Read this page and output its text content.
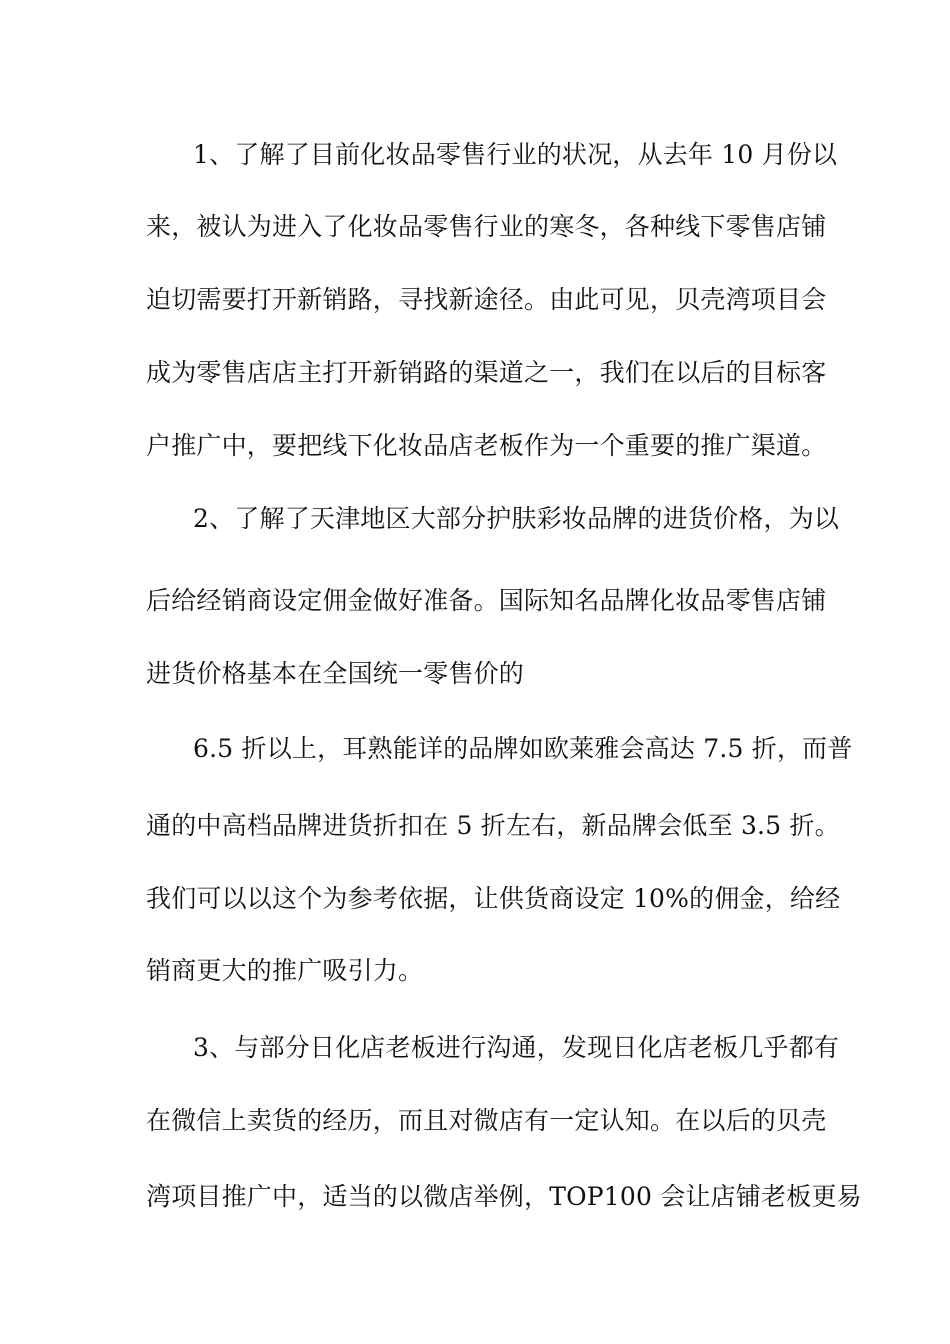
1、了解了目前化妆品零售行业的状况，从去年 10 月份以
来，被认为进入了化妆品零售行业的寒冬，各种线下零售店铺
迫切需要打开新销路，寻找新途径。由此可见，贝壳湾项目会
成为零售店店主打开新销路的渠道之一，我们在以后的目标客
户推广中，要把线下化妆品店老板作为一个重要的推广渠道。
2、了解了天津地区大部分护肤彩妆品牌的进货价格，为以
后给经销商设定佣金做好准备。国际知名品牌化妆品零售店铺
进货价格基本在全国统一零售价的
6.5 折以上，耳熟能详的品牌如欧莱雅会高达 7.5 折，而普
通的中高档品牌进货折扣在 5 折左右，新品牌会低至 3.5 折。
我们可以以这个为参考依据，让供货商设定 10%的佣金，给经
销商更大的推广吸引力。
3、与部分日化店老板进行沟通，发现日化店老板几乎都有
在微信上卖货的经历，而且对微店有一定认知。在以后的贝壳
湾项目推广中，适当的以微店举例，TOP100 会让店铺老板更易
